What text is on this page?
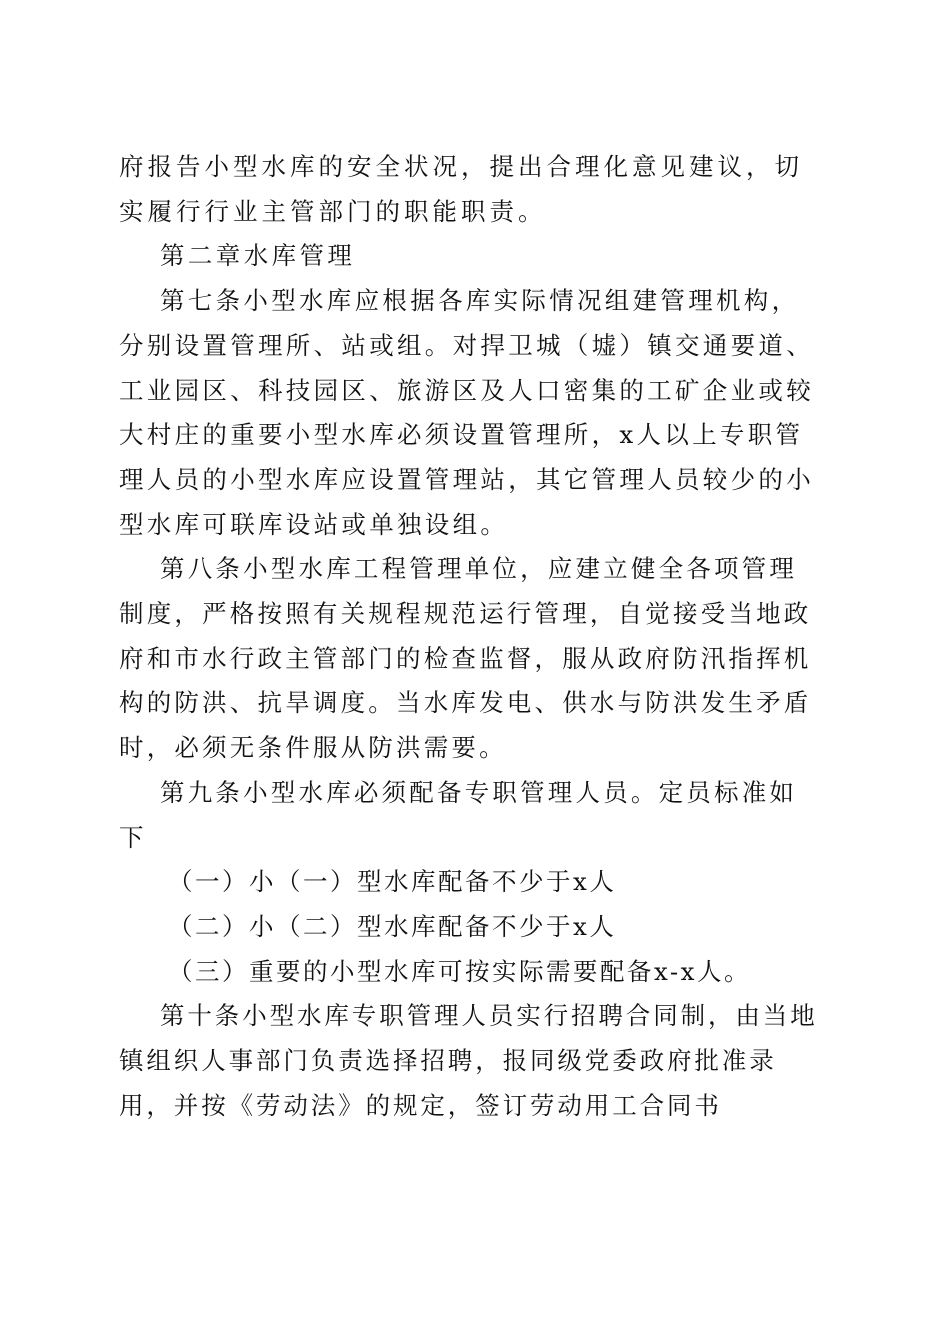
府报告小型水库的安全状况，提出合理化意见建议，切实履行行业主管部门的职能职责。

第二章水库管理

第七条小型水库应根据各库实际情况组建管理机构，分别设置管理所、站或组。对捍卫城（墟）镇交通要道、工业园区、科技园区、旅游区及人口密集的工矿企业或较大村庄的重要小型水库必须设置管理所，x人以上专职管理人员的小型水库应设置管理站，其它管理人员较少的小型水库可联库设站或单独设组。

第八条小型水库工程管理单位，应建立健全各项管理制度，严格按照有关规程规范运行管理，自觉接受当地政府和市水行政主管部门的检查监督，服从政府防汛指挥机构的防洪、抗旱调度。当水库发电、供水与防洪发生矛盾时，必须无条件服从防洪需要。

第九条小型水库必须配备专职管理人员。定员标准如下

（一）小（一）型水库配备不少于x人

（二）小（二）型水库配备不少于x人

（三）重要的小型水库可按实际需要配备x-x人。

第十条小型水库专职管理人员实行招聘合同制，由当地镇组织人事部门负责选择招聘，报同级党委政府批准录用，并按《劳动法》的规定，签订劳动用工合同书
